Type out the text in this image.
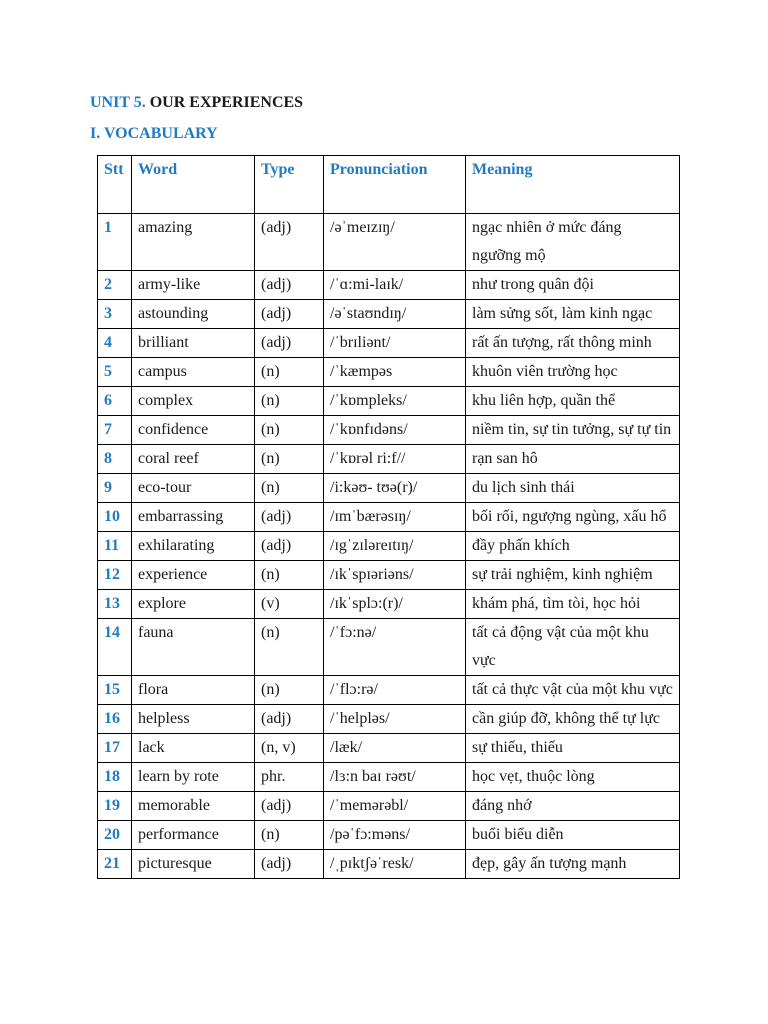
UNIT 5. OUR EXPERIENCES
I. VOCABULARY
Stt	Word	Type	Pronunciation	Meaning
1	amazing	(adj)	/əˈmeɪzɪŋ/	ngạc nhiên ở mức đáng ngưỡng mộ
2	army-like	(adj)	/ˈɑ:mi-laɪk/	như trong quân đội
3	astounding	(adj)	/əˈstaʊndɪŋ/	làm sửng sốt, làm kinh ngạc
4	brilliant	(adj)	/ˈbrɪliənt/	rất ấn tượng, rất thông minh
5	campus	(n)	/ˈkæmpəs	khuôn viên trường học
6	complex	(n)	/ˈkɒmpleks/	khu liên hợp, quần thể
7	confidence	(n)	/ˈkɒnfɪdəns/	niềm tin, sự tin tưởng, sự tự tin
8	coral reef	(n)	/ˈkɒrəl ri:f//	rạn san hô
9	eco-tour	(n)	/i:kəʊ- tʊə(r)/	du lịch sinh thái
10	embarrassing	(adj)	/ɪmˈbærəsɪŋ/	bối rối, ngượng ngùng, xấu hổ
11	exhilarating	(adj)	/ɪgˈzɪləreɪtɪŋ/	đầy phấn khích
12	experience	(n)	/ɪkˈspɪəriəns/	sự trải nghiệm, kinh nghiệm
13	explore	(v)	/ɪkˈsplɔ:(r)/	khám phá, tìm tòi, học hỏi
14	fauna	(n)	/ˈfɔ:nə/	tất cả động vật của một khu vực
15	flora	(n)	/ˈflɔ:rə/	tất cả thực vật của một khu vực
16	helpless	(adj)	/ˈhelpləs/	cần giúp đỡ, không thể tự lực
17	lack	(n, v)	/læk/	sự thiếu, thiếu
18	learn by rote	phr.	/lɜ:n baɪ rəʊt/	học vẹt, thuộc lòng
19	memorable	(adj)	/ˈmemərəbl/	đáng nhớ
20	performance	(n)	/pəˈfɔ:məns/	buổi biểu diễn
21	picturesque	(adj)	/ˌpɪktʃəˈresk/	đẹp, gây ấn tượng mạnh
